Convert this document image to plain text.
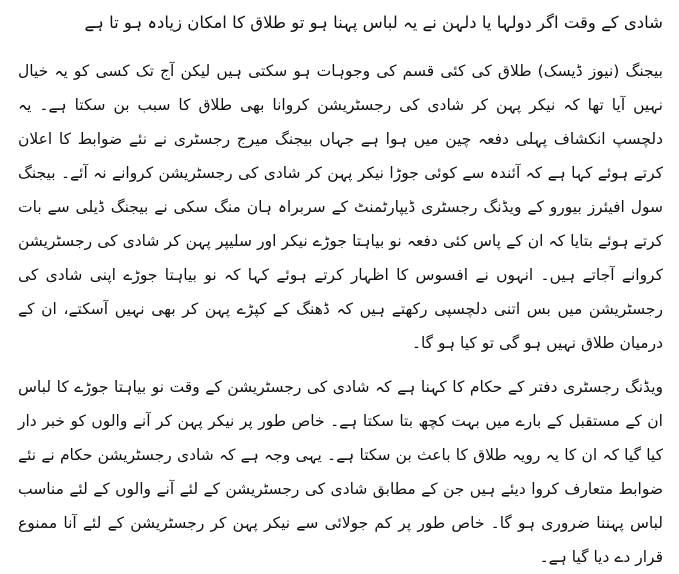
شادی کے وقت اگر دولہا یا دلہن نے یہ لباس پہنا ہو تو طلاق کا امکان زیادہ ہو تا ہے

بیجنگ (نیوز ڈیسک) طلاق کی کئی قسم کی وجوہات ہو سکتی ہیں لیکن آج تک کسی کو یہ خیال نہیں آیا تھا کہ نیکر پہن کر شادی کی رجسٹریشن کروانا بھی طلاق کا سبب بن سکتا ہے۔ یہ دلچسپ انکشاف پہلی دفعہ چین میں ہوا ہے جہاں بیجنگ میرج رجسٹری نے نئے ضوابط کا اعلان کرتے ہوئے کہا ہے کہ آئندہ سے کوئی جوڑا نیکر پہن کر شادی کی رجسٹریشن کروانے نہ آئے۔ بیجنگ سول افیئرز بیورو کے ویڈنگ رجسٹری ڈیپارٹمنٹ کے سربراہ ہان منگ سکی نے بیجنگ ڈیلی سے بات کرتے ہوئے بتایا کہ ان کے پاس کئی دفعہ نو بیاہتا جوڑے نیکر اور سلیپر پہن کر شادی کی رجسٹریشن کروانے آجاتے ہیں۔ انہوں نے افسوس کا اظہار کرتے ہوئے کہا کہ نو بیاہتا جوڑے اپنی شادی کی رجسٹریشن میں بس اتنی دلچسپی رکھتے ہیں کہ ڈھنگ کے کپڑے پہن کر بھی نہیں آسکتے، ان کے درمیان طلاق نہیں ہو گی تو کیا ہو گا۔

ویڈنگ رجسٹری دفتر کے حکام کا کہنا ہے کہ شادی کی رجسٹریشن کے وقت نو بیاہتا جوڑے کا لباس ان کے مستقبل کے بارے میں بہت کچھ بتا سکتا ہے۔ خاص طور پر نیکر پہن کر آنے والوں کو خبر دار کیا گیا کہ ان کا یہ رویہ طلاق کا باعث بن سکتا ہے۔ یہی وجہ ہے کہ شادی رجسٹریشن حکام نے نئے ضوابط متعارف کروا دیئے ہیں جن کے مطابق شادی کی رجسٹریشن کے لئے آنے والوں کے لئے مناسب لباس پہننا ضروری ہو گا۔ خاص طور پر کم جولائی سے نیکر پہن کر رجسٹریشن کے لئے آنا ممنوع قرار دے دیا گیا ہے۔
